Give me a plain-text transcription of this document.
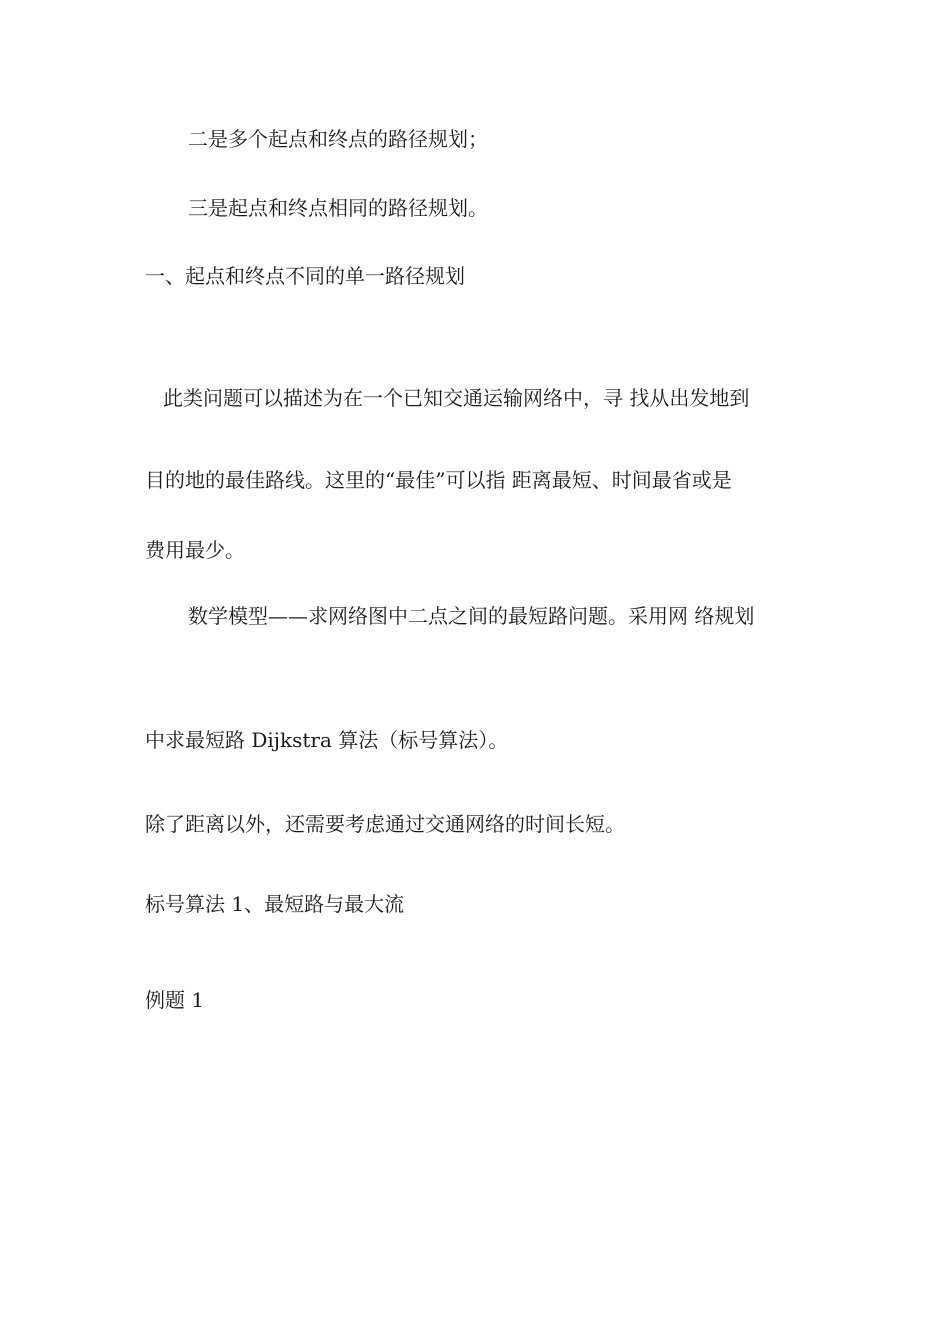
二是多个起点和终点的路径规划；
三是起点和终点相同的路径规划。
一、起点和终点不同的单一路径规划
此类问题可以描述为在一个已知交通运输网络中，寻 找从出发地到
目的地的最佳路线。这里的“最佳”可以指 距离最短、时间最省或是
费用最少。
数学模型——求网络图中二点之间的最短路问题。采用网 络规划
中求最短路 Dijkstra 算法（标号算法）。
除了距离以外，还需要考虑通过交通网络的时间长短。
标号算法 1、最短路与最大流
例题 1
